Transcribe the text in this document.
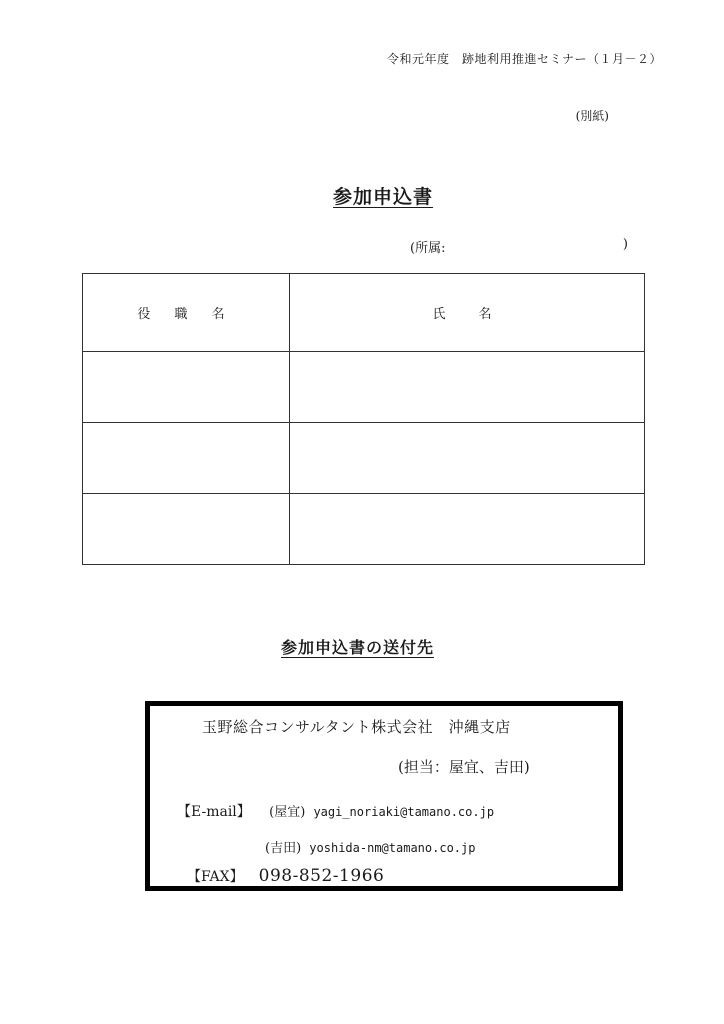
令和元年度　跡地利用推進セミナー（１月－２）
(別紙)
参加申込書
(所属:	)
役 職 名	氏　名

参加申込書の送付先
玉野総合コンサルタント株式会社　沖縄支店
(担当：屋宜、吉田)
【E-mail】 (屋宜) yagi_noriaki@tamano.co.jp
(吉田) yoshida-nm@tamano.co.jp
【FAX】 098-852-1966
